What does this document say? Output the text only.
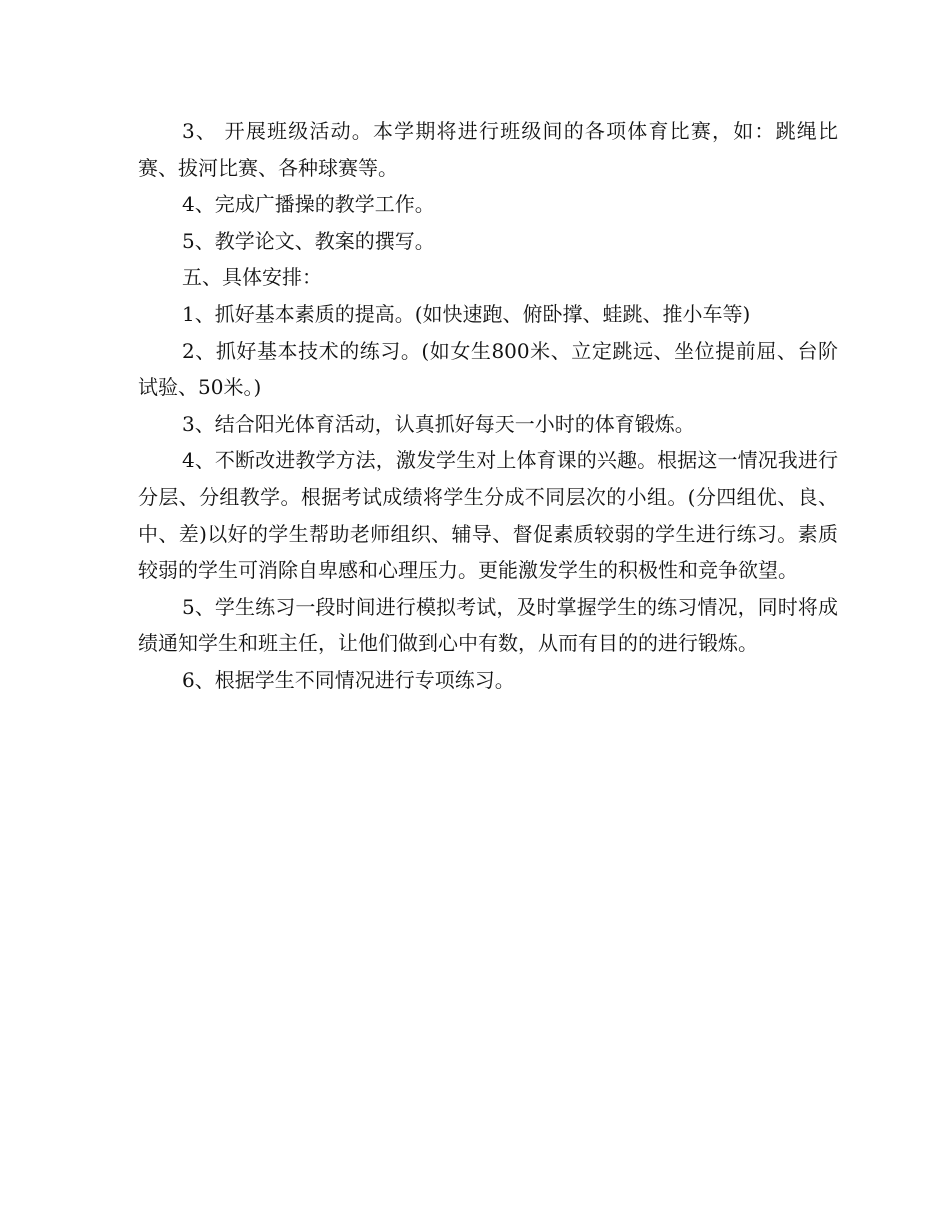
3、 开展班级活动。本学期将进行班级间的各项体育比赛，如：跳绳比赛、拔河比赛、各种球赛等。

4、完成广播操的教学工作。

5、教学论文、教案的撰写。

五、具体安排：

1、抓好基本素质的提高。(如快速跑、俯卧撑、蛙跳、推小车等)

2、抓好基本技术的练习。(如女生800米、立定跳远、坐位提前屈、台阶试验、50米。)

3、结合阳光体育活动，认真抓好每天一小时的体育锻炼。

4、不断改进教学方法，激发学生对上体育课的兴趣。根据这一情况我进行分层、分组教学。根据考试成绩将学生分成不同层次的小组。(分四组优、良、中、差)以好的学生帮助老师组织、辅导、督促素质较弱的学生进行练习。素质较弱的学生可消除自卑感和心理压力。更能激发学生的积极性和竞争欲望。

5、学生练习一段时间进行模拟考试，及时掌握学生的练习情况，同时将成绩通知学生和班主任，让他们做到心中有数，从而有目的的进行锻炼。

6、根据学生不同情况进行专项练习。
